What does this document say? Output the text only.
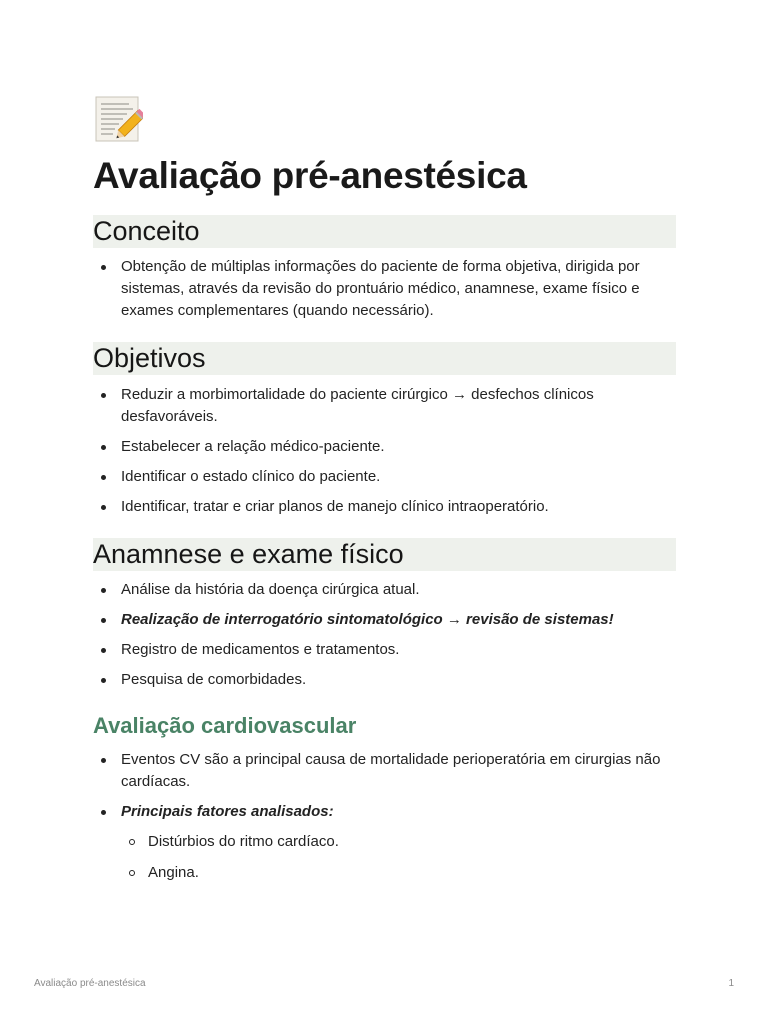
Avaliação pré-anestésica
Conceito
Obtenção de múltiplas informações do paciente de forma objetiva, dirigida por sistemas, através da revisão do prontuário médico, anamnese, exame físico e exames complementares (quando necessário).
Objetivos
Reduzir a morbimortalidade do paciente cirúrgico → desfechos clínicos desfavoráveis.
Estabelecer a relação médico-paciente.
Identificar o estado clínico do paciente.
Identificar, tratar e criar planos de manejo clínico intraoperatório.
Anamnese e exame físico
Análise da história da doença cirúrgica atual.
Realização de interrogatório sintomatológico → revisão de sistemas!
Registro de medicamentos e tratamentos.
Pesquisa de comorbidades.
Avaliação cardiovascular
Eventos CV são a principal causa de mortalidade perioperatória em cirurgias não cardíacas.
Principais fatores analisados:
Distúrbios do ritmo cardíaco.
Angina.
Avaliação pré-anestésica	1
